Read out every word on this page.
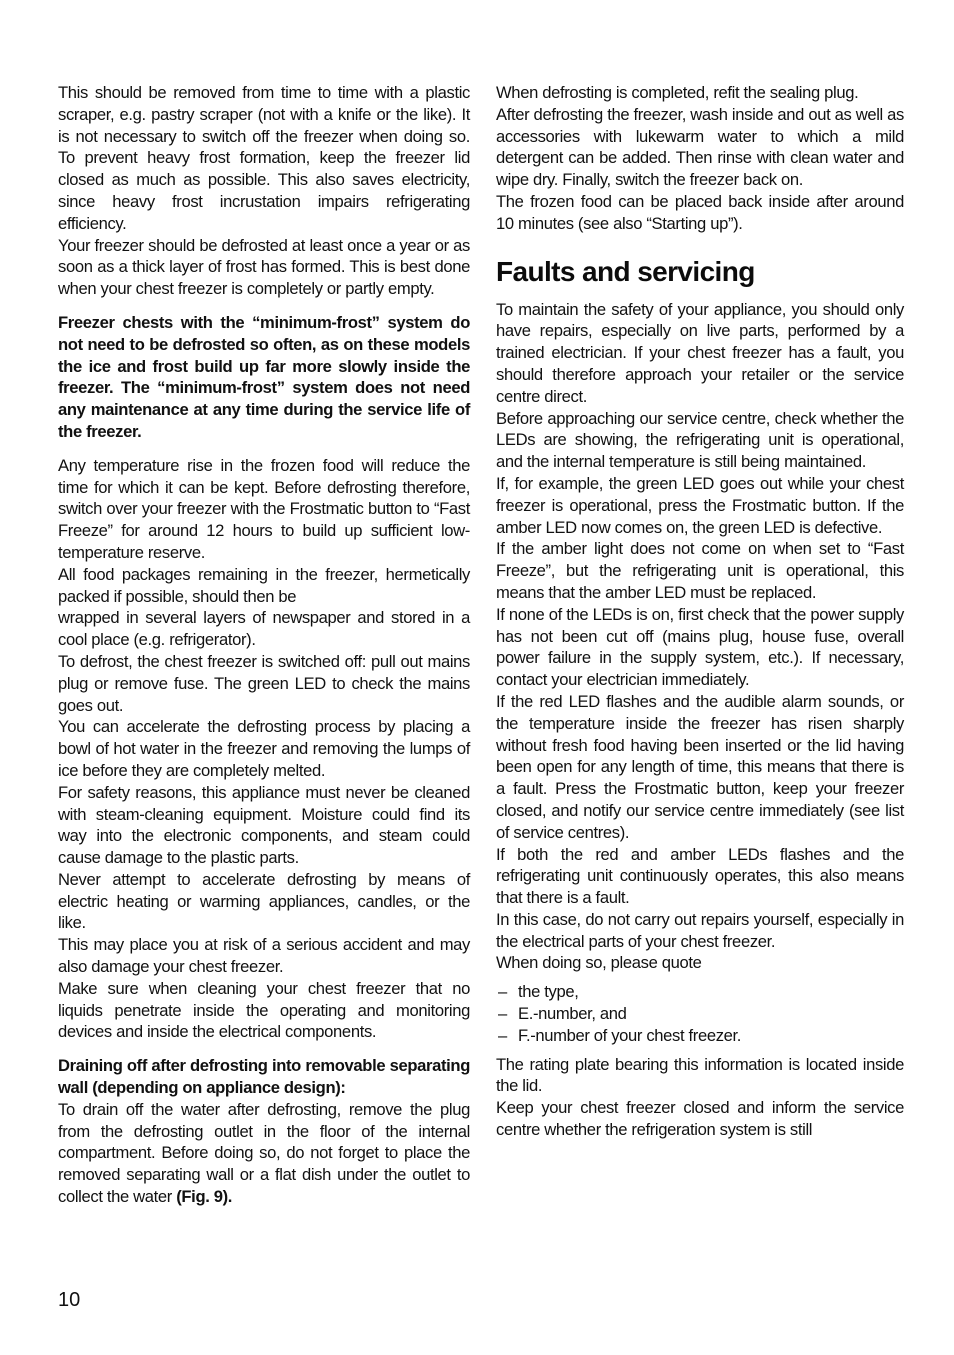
This should be removed from time to time with a plastic scraper, e.g. pastry scraper (not with a knife or the like). It is not necessary to switch off the freezer when doing so. To prevent heavy frost formation, keep the freezer lid closed as much as possible. This also saves electricity, since heavy frost incrustation impairs refrigerating efficiency.

Your freezer should be defrosted at least once a year or as soon as a thick layer of frost has formed. This is best done when your chest freezer is completely or partly empty.

Freezer chests with the “minimum-frost” system do not need to be defrosted so often, as on these models the ice and frost build up far more slowly inside the freezer. The “minimum-frost” system does not need any maintenance at any time during the service life of the freezer.

Any temperature rise in the frozen food will reduce the time for which it can be kept. Before defrosting therefore, switch over your freezer with the Frostmatic button to “Fast Freeze” for around 12 hours to build up sufficient low-temperature reserve.

All food packages remaining in the freezer, hermetically packed if possible, should then be

wrapped in several layers of newspaper and stored in a cool place (e.g. refrigerator).

To defrost, the chest freezer is switched off: pull out mains plug or remove fuse. The green LED to check the mains goes out.

You can accelerate the defrosting process by placing a bowl of hot water in the freezer and removing the lumps of ice before they are completely melted.

For safety reasons, this appliance must never be cleaned with steam-cleaning equipment. Moisture could find its way into the electronic components, and steam could cause damage to the plastic parts.

Never attempt to accelerate defrosting by means of electric heating or warming appliances, candles, or the like.

This may place you at risk of a serious accident and may also damage your chest freezer.

Make sure when cleaning your chest freezer that no liquids penetrate inside the operating and monitoring devices and inside the electrical components.

Draining off after defrosting into removable separating wall (depending on appliance design):

To drain off the water after defrosting, remove the plug from the defrosting outlet in the floor of the internal compartment. Before doing so, do not forget to place the removed separating wall or a flat dish under the outlet to collect the water (Fig. 9).

When defrosting is completed, refit the sealing plug.

After defrosting the freezer, wash inside and out as well as accessories with lukewarm water to which a mild detergent can be added. Then rinse with clean water and wipe dry. Finally, switch the freezer back on.

The frozen food can be placed back inside after around 10 minutes (see also “Starting up”).

Faults and servicing

To maintain the safety of your appliance, you should only have repairs, especially on live parts, performed by a trained electrician. If your chest freezer has a fault, you should therefore approach your retailer or the service centre direct.

Before approaching our service centre, check whether the LEDs are showing, the refrigerating unit is operational, and the internal temperature is still being maintained.

If, for example, the green LED goes out while your chest freezer is operational, press the Frostmatic button. If the amber LED now comes on, the green LED is defective.

If the amber light does not come on when set to “Fast Freeze”, but the refrigerating unit is operational, this means that the amber LED must be replaced.

If none of the LEDs is on, first check that the power supply has not been cut off (mains plug, house fuse, overall power failure in the supply system, etc.). If necessary, contact your electrician immediately.

If the red LED flashes and the audible alarm sounds, or the temperature inside the freezer has risen sharply without fresh food having been inserted or the lid having been open for any length of time, this means that there is a fault. Press the Frostmatic button, keep your freezer closed, and notify our service centre immediately (see list of service centres).

If both the red and amber LEDs flashes and the refrigerating unit continuously operates, this also means that there is a fault.

In this case, do not carry out repairs yourself, especially in the electrical parts of your chest freezer.

When doing so, please quote

– the type,
– E.-number, and
– F.-number of your chest freezer.

The rating plate bearing this information is located inside the lid.

Keep your chest freezer closed and inform the service centre whether the refrigeration system is still

10
